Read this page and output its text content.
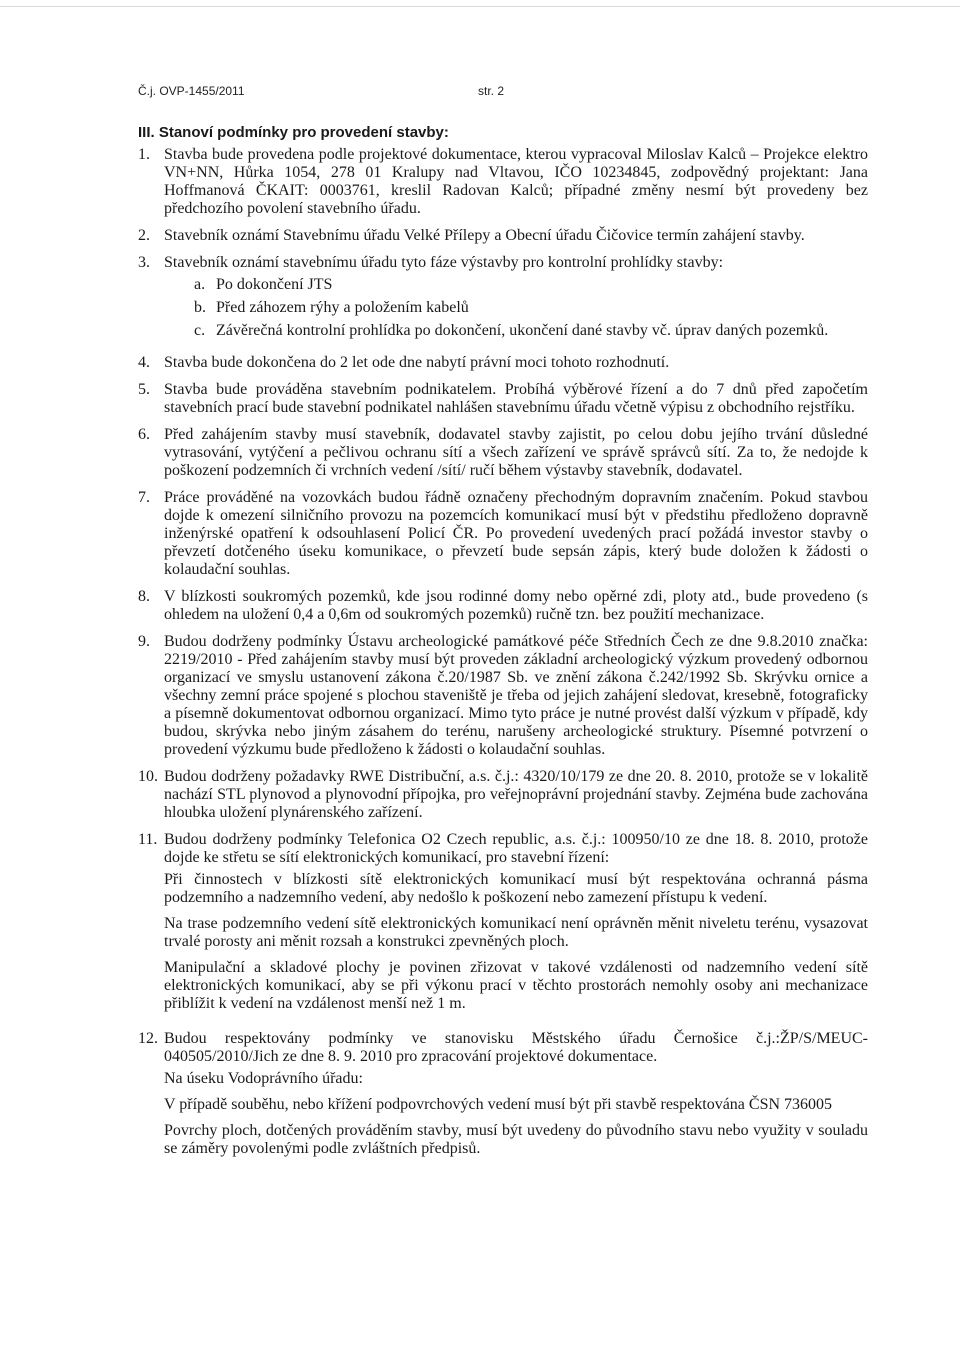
Č.j. OVP-1455/2011	str. 2
III. Stanoví podmínky pro provedení stavby:
1. Stavba bude provedena podle projektové dokumentace, kterou vypracoval Miloslav Kalců – Projekce elektro VN+NN, Hůrka 1054, 278 01 Kralupy nad Vltavou, IČO 10234845, zodpovědný projektant: Jana Hoffmanová ČKAIT: 0003761, kreslil Radovan Kalců; případné změny nesmí být provedeny bez předchozího povolení stavebního úřadu.
2. Stavebník oznámí Stavebnímu úřadu Velké Přílepy a Obecní úřadu Čičovice termín zahájení stavby.
3. Stavebník oznámí stavebnímu úřadu tyto fáze výstavby pro kontrolní prohlídky stavby:
a. Po dokončení JTS
b. Před záhozem rýhy a položením kabelů
c. Závěrečná kontrolní prohlídka po dokončení, ukončení dané stavby vč. úprav daných pozemků.
4. Stavba bude dokončena do 2 let ode dne nabytí právní moci tohoto rozhodnutí.
5. Stavba bude prováděna stavebním podnikatelem. Probíhá výběrové řízení a do 7 dnů před započetím stavebních prací bude stavební podnikatel nahlášen stavebnímu úřadu včetně výpisu z obchodního rejstříku.
6. Před zahájením stavby musí stavebník, dodavatel stavby zajistit, po celou dobu jejího trvání důsledné vytrasování, vytýčení a pečlivou ochranu sítí a všech zařízení ve správě správců sítí. Za to, že nedojde k poškození podzemních či vrchních vedení /sítí/ ručí během výstavby stavebník, dodavatel.
7. Práce prováděné na vozovkách budou řádně označeny přechodným dopravním značením. Pokud stavbou dojde k omezení silničního provozu na pozemcích komunikací musí být v předstihu předloženo dopravně inženýrské opatření k odsouhlasení Policí ČR. Po provedení uvedených prací požádá investor stavby o převzetí dotčeného úseku komunikace, o převzetí bude sepsán zápis, který bude doložen k žádosti o kolaudační souhlas.
8. V blízkosti soukromých pozemků, kde jsou rodinné domy nebo opěrné zdi, ploty atd., bude provedeno (s ohledem na uložení 0,4 a 0,6m od soukromých pozemků) ručně tzn. bez použití mechanizace.
9. Budou dodrženy podmínky Ústavu archeologické památkové péče Středních Čech ze dne 9.8.2010 značka: 2219/2010 - Před zahájením stavby musí být proveden základní archeologický výzkum provedený odbornou organizací ve smyslu ustanovení zákona č.20/1987 Sb. ve znění zákona č.242/1992 Sb. Skrývku ornice a všechny zemní práce spojené s plochou staveniště je třeba od jejich zahájení sledovat, kresebně, fotograficky a písemně dokumentovat odbornou organizací. Mimo tyto práce je nutné provést další výzkum v případě, kdy budou, skrývka nebo jiným zásahem do terénu, narušeny archeologické struktury. Písemné potvrzení o provedení výzkumu bude předloženo k žádosti o kolaudační souhlas.
10. Budou dodrženy požadavky RWE Distribuční, a.s. č.j.: 4320/10/179 ze dne 20. 8. 2010, protože se v lokalitě nachází STL plynovod a plynovodní přípojka, pro veřejnoprávní projednání stavby. Zejména bude zachována hloubka uložení plynárenského zařízení.
11. Budou dodrženy podmínky Telefonica O2 Czech republic, a.s. č.j.: 100950/10 ze dne 18. 8. 2010, protože dojde ke střetu se sítí elektronických komunikací, pro stavební řízení:
Při činnostech v blízkosti sítě elektronických komunikací musí být respektována ochranná pásma podzemního a nadzemního vedení, aby nedošlo k poškození nebo zamezení přístupu k vedení.
Na trase podzemního vedení sítě elektronických komunikací není oprávněn měnit niveletu terénu, vysazovat trvalé porosty ani měnit rozsah a konstrukci zpevněných ploch.
Manipulační a skladové plochy je povinen zřizovat v takové vzdálenosti od nadzemního vedení sítě elektronických komunikací, aby se při výkonu prací v těchto prostorách nemohly osoby ani mechanizace přiblížit k vedení na vzdálenost menší než 1 m.
12. Budou respektovány podmínky ve stanovisku Městského úřadu Černošice č.j.:ŽP/S/MEUC-040505/2010/Jich ze dne 8. 9. 2010 pro zpracování projektové dokumentace.
Na úseku Vodoprávního úřadu:
V případě souběhu, nebo křížení podpovrchových vedení musí být při stavbě respektována ČSN 736005
Povrchy ploch, dotčených prováděním stavby, musí být uvedeny do původního stavu nebo využity v souladu se záměry povolenými podle zvláštních předpisů.
